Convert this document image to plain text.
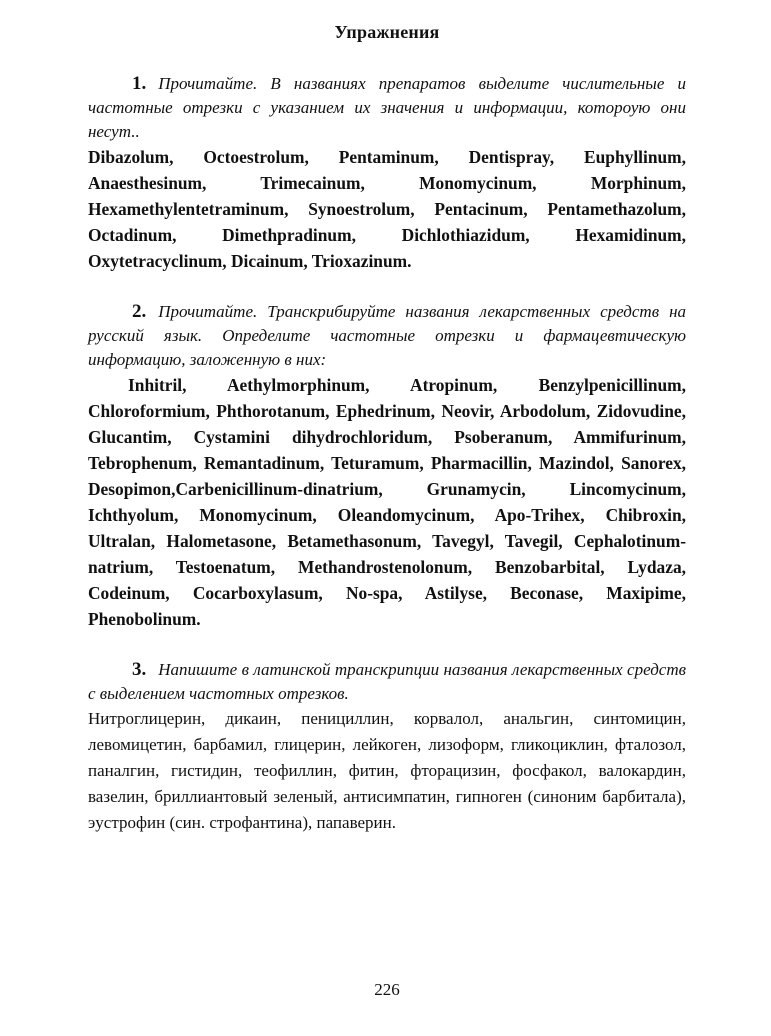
Упражнения

1. Прочитайте. В названиях препаратов выделите числительные и частотные отрезки с указанием их значения и информации, котороую они несут..

Dibazolum, Octoestrolum, Pentaminum, Dentispray, Euphyllinum, Anaesthesinum, Trimecainum, Monomycinum, Morphinum, Hexamethylentetraminum, Synoestrolum, Pentacinum, Pentamethazolum, Octadinum, Dimethpradinum, Dichlothiazidum, Hexamidinum, Oxytetracyclinum, Dicainum, Trioxazinum.

2. Прочитайте. Транскрибируйте названия лекарственных средств на русский язык. Определите частотные отрезки и фармацевтическую информацию, заложенную в них:

Inhitril, Aethylmorphinum, Atropinum, Benzylpenicillinum, Chloroformium, Phthorotanum, Ephedrinum, Neovir, Arbodolum, Zidovudine, Glucantim, Cystamini dihydrochloridum, Psoberanum, Ammifurinum, Tebrophenum, Remantadinum, Teturamum, Pharmacillin, Mazindol, Sanorex, Desopimon,Carbenicillinum-dinatrium, Grunamycin, Lincomycinum, Ichthyolum, Monomycinum, Oleandomycinum, Apo-Trihex, Chibroxin, Ultralan, Halometasone, Betamethasonum, Tavegyl, Tavegil, Cephalotinum-natrium, Testoenatum, Methandrostenolonum, Benzobarbital, Lydaza, Codeinum, Cocarboxylasum, No-spa, Astilyse, Beconase, Maxipime, Phenobolinum.

3. Напишите в латинской транскрипции названия лекарственных средств с выделением частотных отрезков.

Нитроглицерин, дикаин, пенициллин, корвалол, анальгин, синтомицин, левомицетин, барбамил, глицерин, лейкоген, лизоформ, гликоциклин, фталозол, паналгин, гистидин, теофиллин, фитин, фторацизин, фосфакол, валокардин, вазелин, бриллиантовый зеленый, антисимпатин, гипноген (синоним барбитала), эустрофин (син. строфантина), папаверин.

226
